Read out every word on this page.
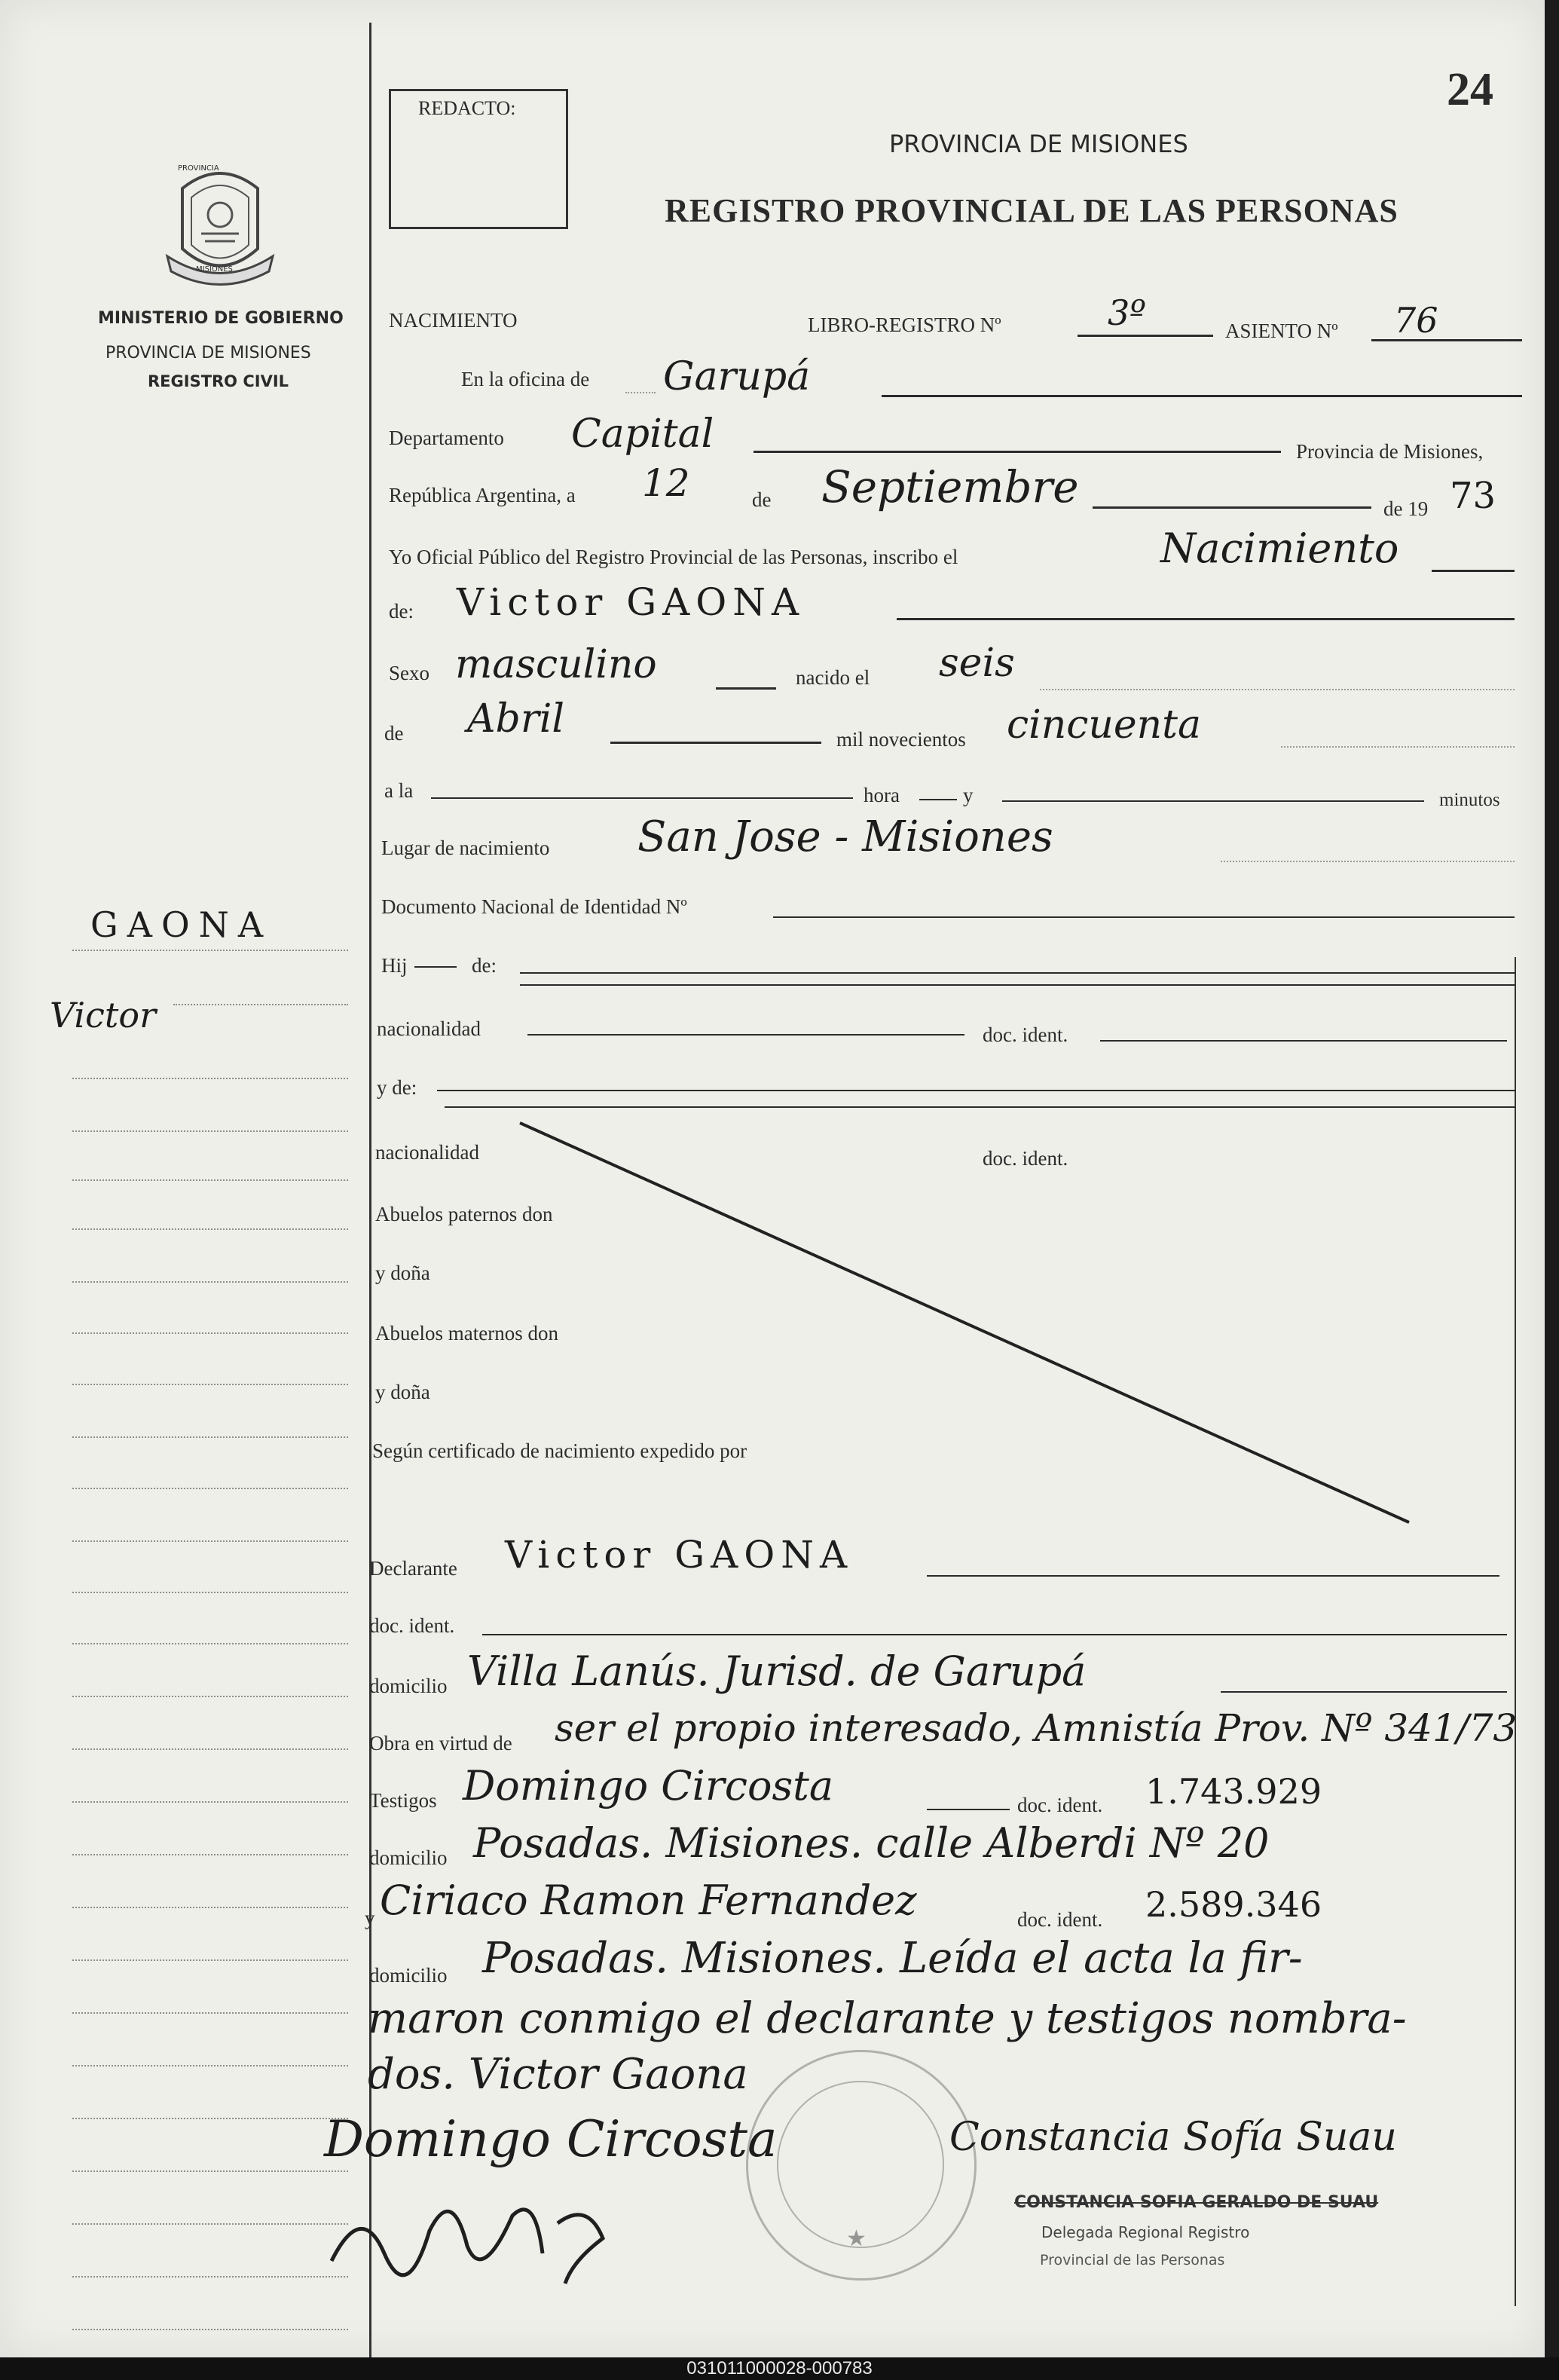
PROVINCIA
MISIONES
MINISTERIO DE GOBIERNO
PROVINCIA DE MISIONES
REGISTRO CIVIL
GAONA
Victor
REDACTO:	24
PROVINCIA DE MISIONES
REGISTRO PROVINCIAL DE LAS PERSONAS
NACIMIENTO	LIBRO-REGISTRO Nº	3º	ASIENTO Nº 76
En la oficina de Garupá
Departamento Capital	Provincia de Misiones,
República Argentina, a 12	de Septiembre	de 19 73
Yo Oficial Público del Registro Provincial de las Personas, inscribo el	Nacimiento
de: Victor GAONA
Sexo masculino	nacido el seis
de Abril	mil novecientos cincuenta
a la	hora	y	minutos
Lugar de nacimiento San Jose - Misiones
Documento Nacional de Identidad Nº
Hij	de:
nacionalidad	doc. ident.
y de:
nacionalidad	doc. ident.
Abuelos paternos don
y doña
Abuelos maternos don
y doña
Según certificado de nacimiento expedido por
Declarante Victor GAONA
doc. ident.
domicilio Villa Lanús. Jurisd. de Garupá
Obra en virtud de ser el propio interesado, Amnistía Prov. Nº 341/73
Testigos Domingo Circosta	doc. ident. 1.743.929
domicilio Posadas. Misiones. calle Alberdi Nº 20
y Ciriaco Ramon Fernandez	doc. ident. 2.589.346
domicilio Posadas. Misiones. Leída el acta la fir-
maron conmigo el declarante y testigos nombra-
dos. Victor Gaona
Domingo Circosta	Constancia Sofía Suau
★
CONSTANCIA SOFIA GERALDO DE SUAU
Delegada Regional Registro
Provincial de las Personas
031011000028-000783
